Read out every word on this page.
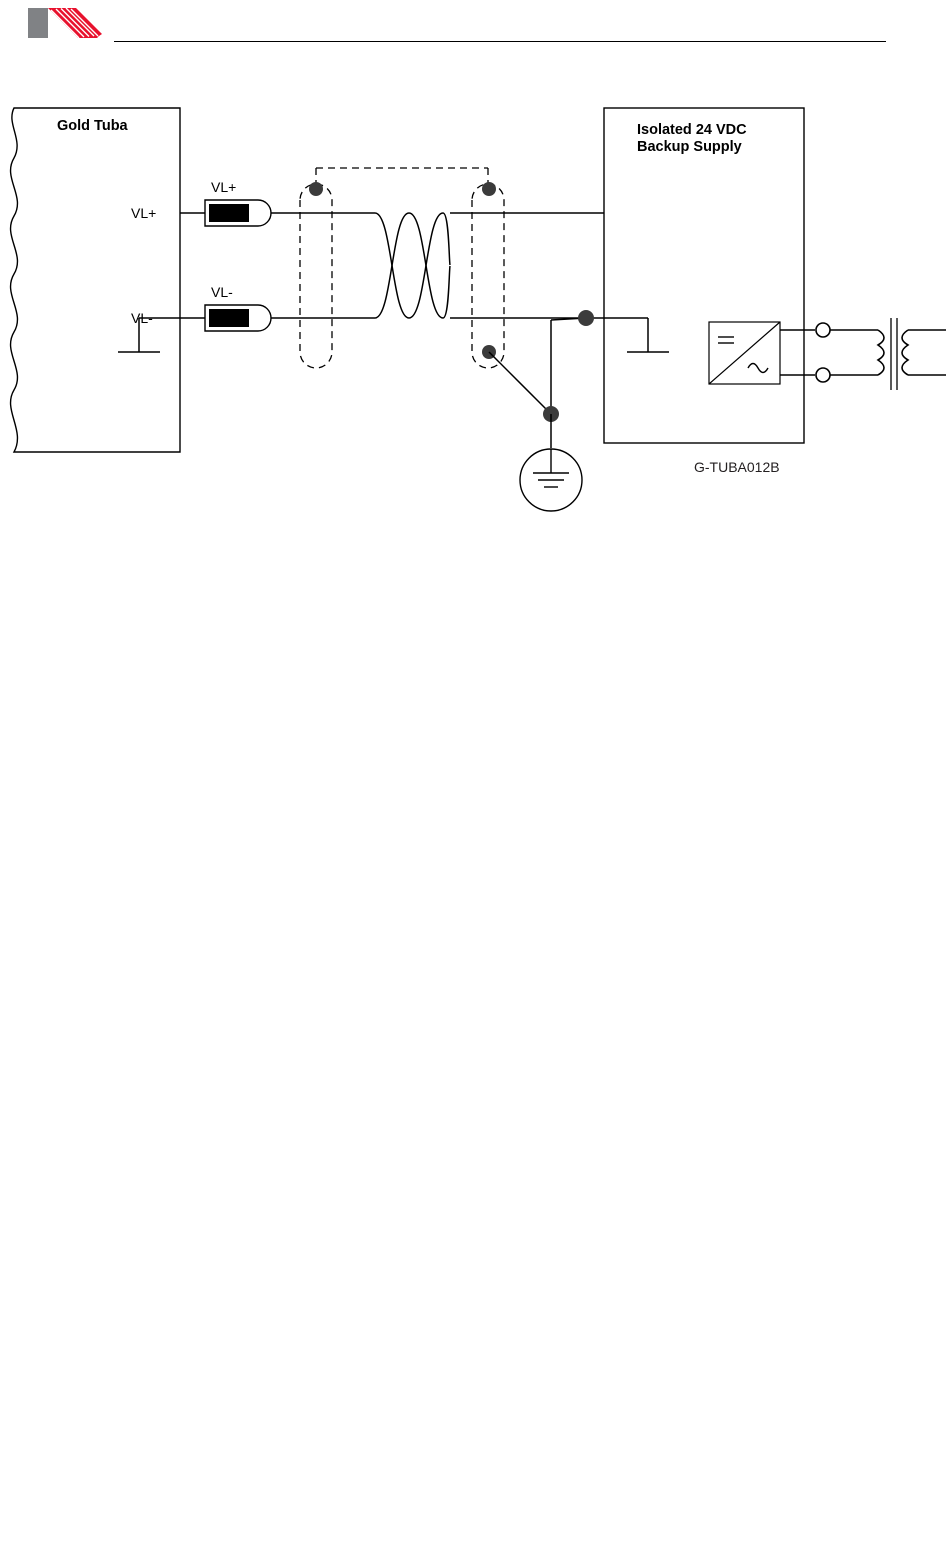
Gold Tuba	Isolated 24 VDC
Backup Supply
VL+
VL-
VL+
VL-
G-TUBA012B
